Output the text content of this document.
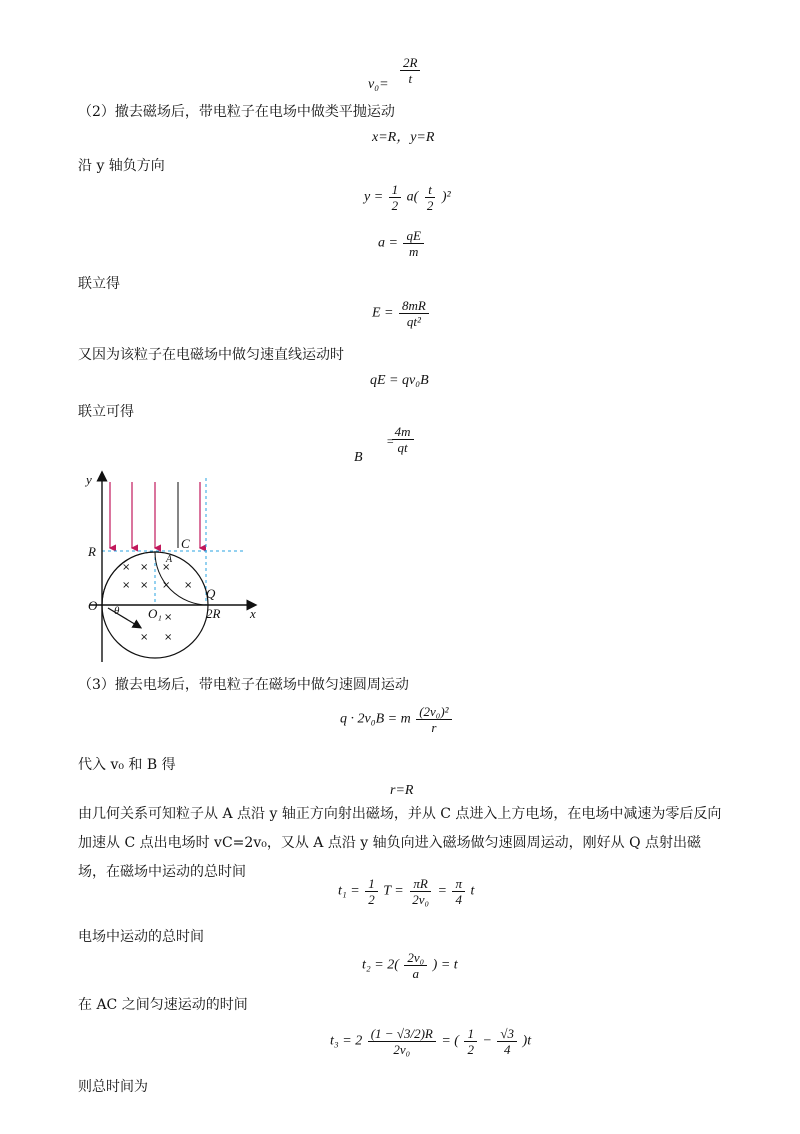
$v_0= \frac{2R}{t}$
（2）撤去磁场后，带电粒子在电场中做类平抛运动
x=R，y=R
沿 y 轴负方向
$y = \frac{1}{2} a( \frac{t}{2} )^2$
$a = \frac{qE}{m}$
联立得
$E = \frac{8mR}{\text{qt²}}$
又因为该粒子在电磁场中做匀速直线运动时
qE = qv₀B
联立可得
B =
$\frac{4m}{qt}$
× ×
×
× ×
× ×
×
× ×
y
x
R
O
O₁	2R
Q
C
A
θ
（3）撤去电场后，带电粒子在磁场中做匀速圆周运动
q · 2v₀B = m $\frac{\text{(2v₀)²}}{r}$
代入 v₀ 和 B 得
r=R
由几何关系可知粒子从 A 点沿 y 轴正方向射出磁场，并从 C 点进入上方电场，在电场中减速为零后反向加速从 C 点出电场时 vC=2v₀，又从 A 点沿 y 轴负向进入磁场做匀速圆周运动，刚好从 Q 点射出磁场，在磁场中运动的总时间
$t_1 = \frac{1}{2}$ $T = \frac{\pi R}{\text{2v₀}} = \frac{\pi}{4}$ t
电场中运动的总时间
$t_2 = 2( \frac{\text{2v₀}}{a}$ ) = t
在 AC 之间匀速运动的时间
$t_3 = 2 \frac{(1 - √3/2)R}{\text{2v₀}}$ = ( $\frac{1}{2} - \frac{√3}{4} )t$
则总时间为
